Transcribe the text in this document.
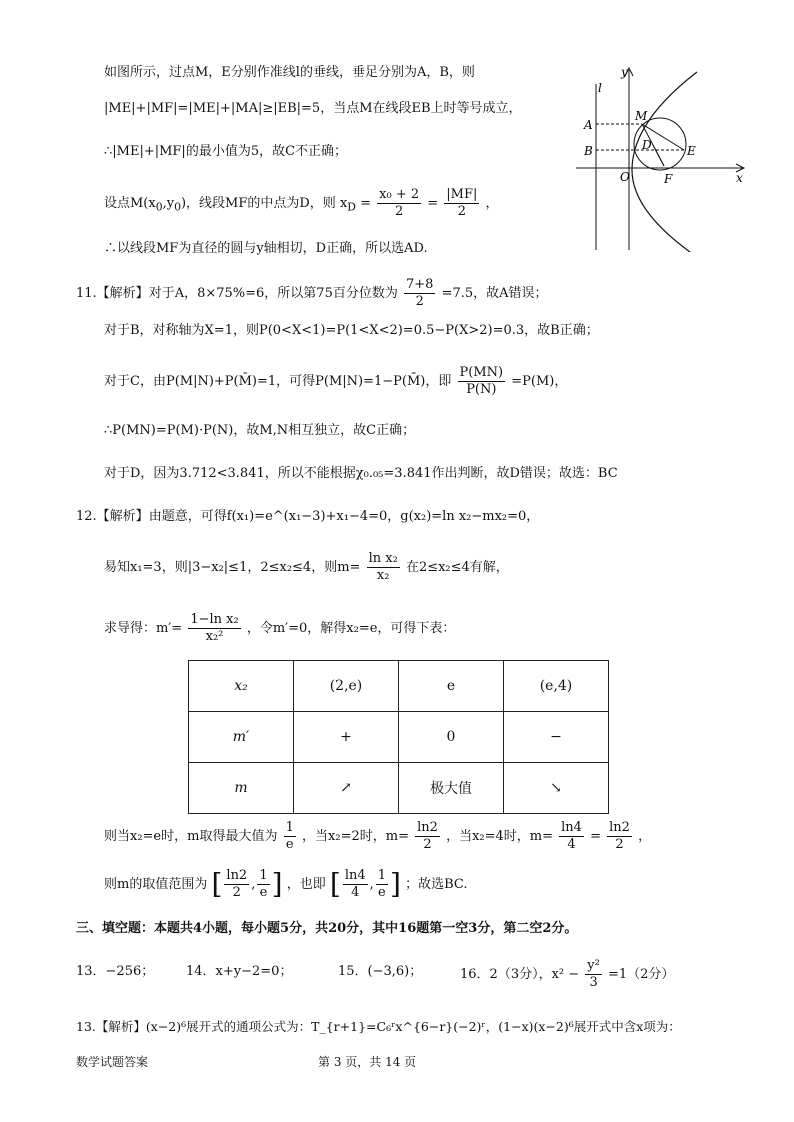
如图所示，过点M，E分别作准线l的垂线，垂足分别为A，B，则
|ME|+|MF|=|ME|+|MA|≥|EB|=5，当点M在线段EB上时等号成立，
∴|ME|+|MF|的最小值为5，故C不正确；
设点$M(x_0,y_0)$，线段MF的中点为D，则 $x_D = \frac{\text{x₀ + 2}}{2} = \frac{|MF|}{2}$ ，
∴以线段MF为直径的圆与y轴相切，D正确，所以选AD.
y
l
A
M
B	D	E
O	F	x
11.【解析】对于A，8×75%=6，所以第75百分位数为 $\frac{7+8}{2} =7.5$，故A错误；
对于B，对称轴为X=1，则P(0<X<1)=P(1<X<2)=0.5−P(X>2)=0.3，故B正确；
对于C，由P(M|N)+P(M̄)=1，可得P(M|N)=1−P(M̄)，即 $\frac{P(MN)}{P(N)} =P(M)$，
∴P(MN)=P(M)·P(N)，故M,N相互独立，故C正确；
对于D，因为3.712<3.841，所以不能根据χ₀.₀₅=3.841作出判断，故D错误；故选：BC
12.【解析】由题意，可得f(x₁)=e^(x₁−3)+x₁−4=0，g(x₂)=ln x₂−mx₂=0，
易知x₁=3，则|3−x₂|≤1，2≤x₂≤4，则$m= \frac{\text{ln x₂}}{\text{x₂}}$ 在2≤x₂≤4有解，
求导得：$m'= \frac{\text{1−ln x₂}}{\text{x₂²}}$ ，令m′=0，解得x₂=e，可得下表：
x₂	(2,e)	e	(e,4)
m′	+	0	−
m	↗	极大值	↘
则当x₂=e时，m取得最大值为 $\frac{1}{e}$ ，当x₂=2时，$m= \frac{\ln 2}{2}$ ，当x₂=4时，$m= \frac{\ln 4}{4} = \frac{\ln 2}{2}$ ，
则m的取值范围为 [ $\frac{\ln 2}{2}$ , $\frac{1}{e}$ ] ，也即 [ $\frac{\ln 4}{4}$ , $\frac{1}{e}$ ] ；故选BC.
三、填空题：本题共4小题，每小题5分，共20分，其中16题第一空3分，第二空2分。
13．−256； 14．x+y−2=0；	15．(−3,6)；	16．2（3分），$x^2 - \frac{\text{y²}}{3} =1(2$分）
13.【解析】(x−2)⁶展开式的通项公式为：T_{r+1}=C₆ʳx^{6−r}(−2)ʳ，(1−x)(x−2)⁶展开式中含x项为：
数学试题答案	第 3 页，共 14 页
